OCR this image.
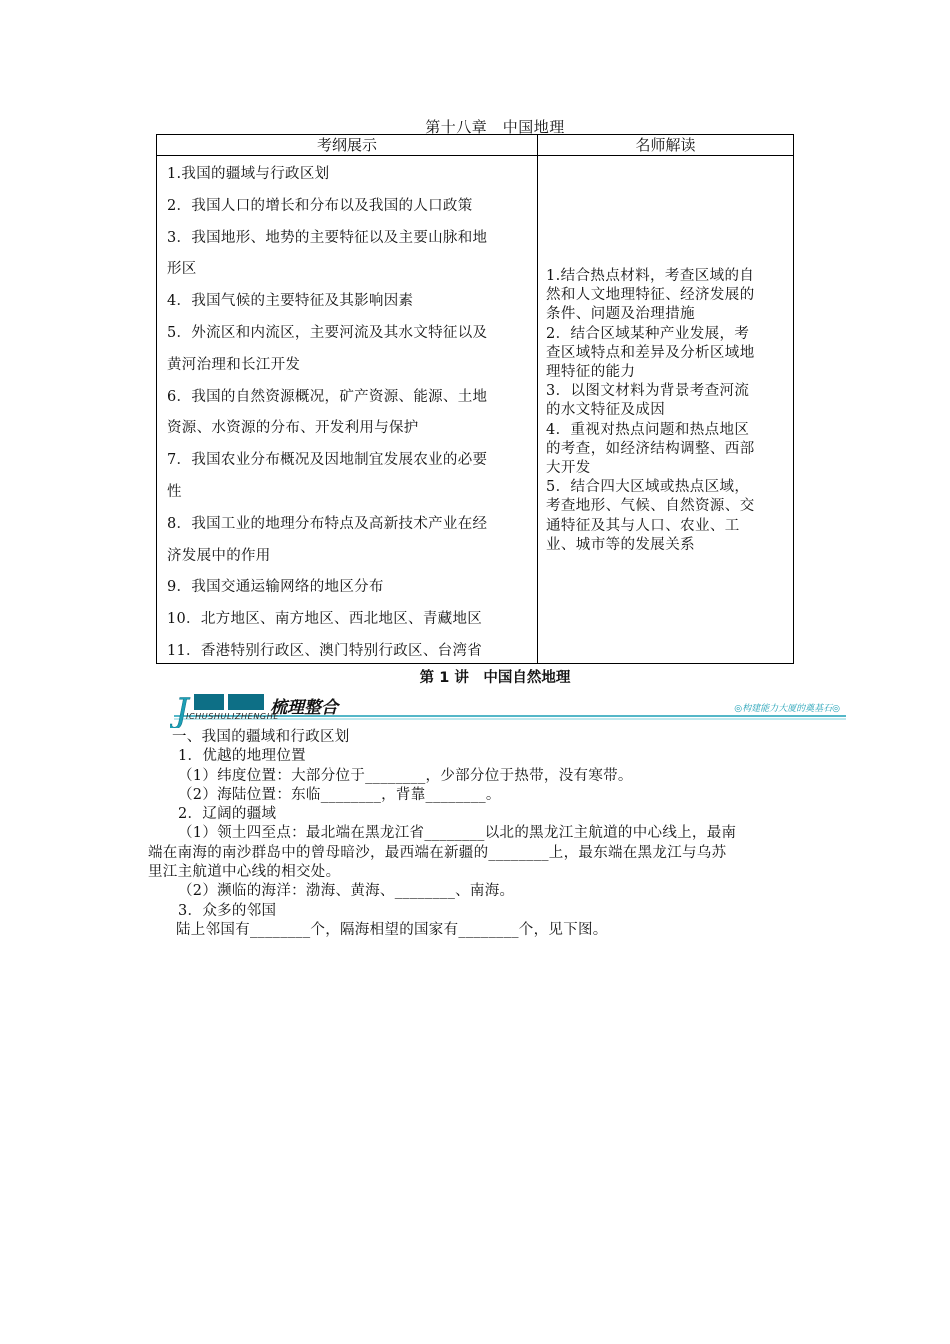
第十八章　中国地理
考纲展示

1.我国的疆域与行政区划

2．我国人口的增长和分布以及我国的人口政策

3．我国地形、地势的主要特征以及主要山脉和地

形区

4．我国气候的主要特征及其影响因素

5．外流区和内流区，主要河流及其水文特征以及

黄河治理和长江开发

6．我国的自然资源概况，矿产资源、能源、土地

资源、水资源的分布、开发利用与保护

7．我国农业分布概况及因地制宜发展农业的必要

性

8．我国工业的地理分布特点及高新技术产业在经

济发展中的作用

9．我国交通运输网络的地区分布

10．北方地区、南方地区、西北地区、青藏地区

11．香港特别行政区、澳门特别行政区、台湾省

名师解读

1.结合热点材料，考查区域的自

然和人文地理特征、经济发展的

条件、问题及治理措施

2．结合区域某种产业发展，考

查区域特点和差异及分析区域地

理特征的能力

3．以图文材料为背景考查河流

的水文特征及成因

4．重视对热点问题和热点地区

的考查，如经济结构调整、西部

大开发

5．结合四大区域或热点区域，

考查地形、气候、自然资源、交

通特征及其与人口、农业、工

业、城市等的发展关系

第 1 讲　中国自然地理
J	梳理整合
ICHUSHULIZHENGHE
◎构建能力大厦的奠基石◎

一、我国的疆域和行政区划

1．优越的地理位置

（1）纬度位置：大部分位于________，少部分位于热带，没有寒带。

（2）海陆位置：东临________，背靠________。

2．辽阔的疆域

（1）领土四至点：最北端在黑龙江省________以北的黑龙江主航道的中心线上，最南

端在南海的南沙群岛中的曾母暗沙，最西端在新疆的________上，最东端在黑龙江与乌苏

里江主航道中心线的相交处。

（2）濒临的海洋：渤海、黄海、________、南海。

3．众多的邻国

陆上邻国有________个，隔海相望的国家有________个，见下图。
